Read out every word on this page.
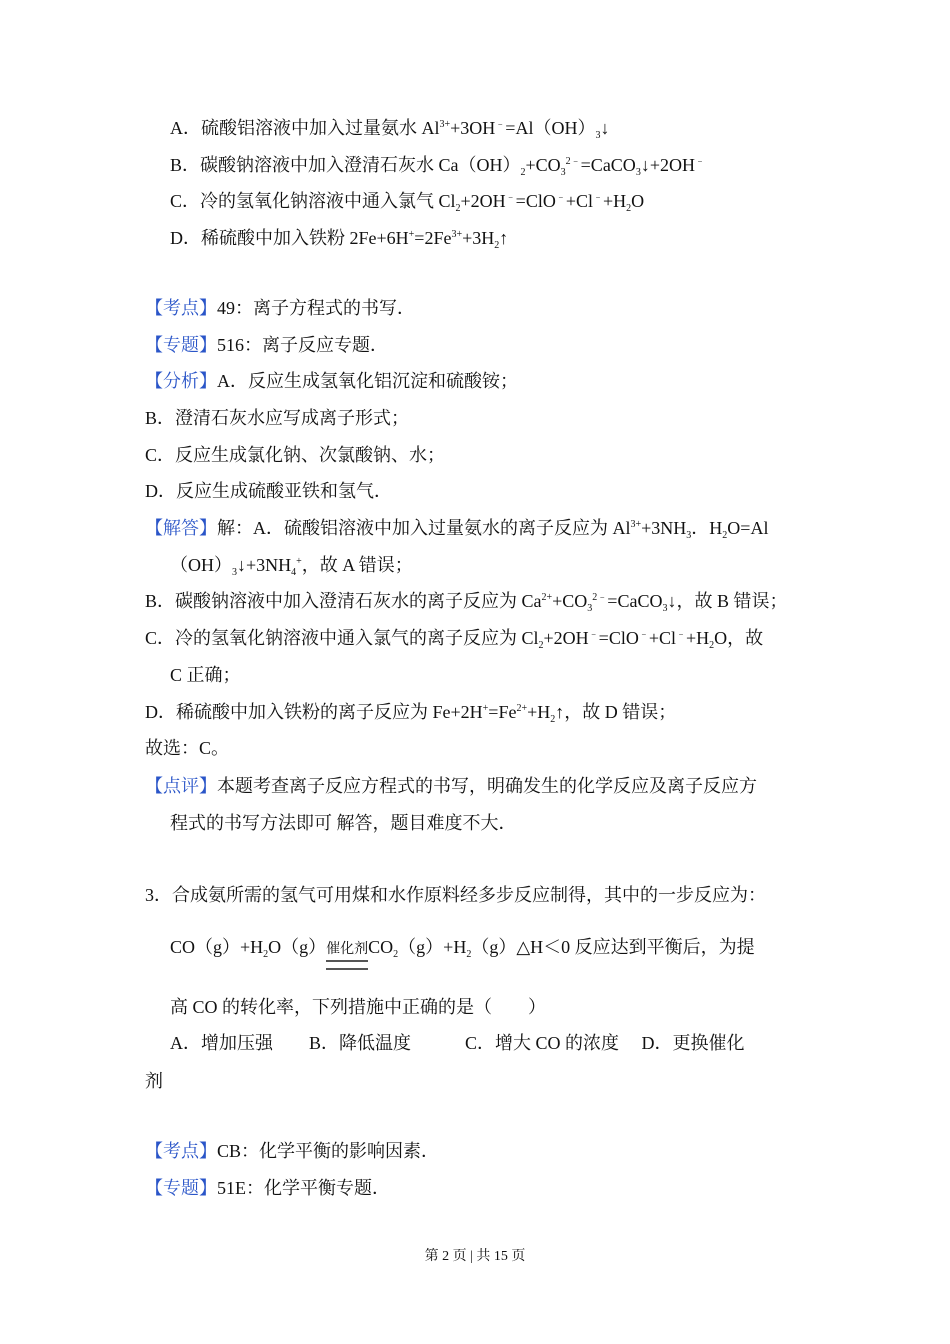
A．硫酸铝溶液中加入过量氨水 $Al^{3+}+3OH^﹣=Al(OH)_3↓$
B．碳酸钠溶液中加入澄清石灰水 $Ca(OH)_2+CO_3^{2﹣}=CaCO_3↓+2OH^﹣$
C．冷的氢氧化钠溶液中通入氯气 $Cl_2+2OH^﹣=ClO^﹣+Cl^﹣+H_2O$
D．稀硫酸中加入铁粉 $2Fe+6H^+=2Fe^{3+}+3H_2↑$
【考点】49：离子方程式的书写．
【专题】516：离子反应专题．
【分析】A．反应生成氢氧化铝沉淀和硫酸铵；
B．澄清石灰水应写成离子形式；
C．反应生成氯化钠、次氯酸钠、水；
D．反应生成硫酸亚铁和氢气．
【解答】解：A．硫酸铝溶液中加入过量氨水的离子反应为 $Al^{3+}+3NH_3$．$H_2O=Al$
$(OH)_3↓+3NH_4^+$，故 A 错误；
B．碳酸钠溶液中加入澄清石灰水的离子反应为 $Ca^{2+}+CO_3^{2﹣}=CaCO_3↓$，故 B 错误；
C．冷的氢氧化钠溶液中通入氯气的离子反应为 $Cl_2+2OH^﹣=ClO^﹣+Cl^﹣+H_2O$，故
C 正确；
D．稀硫酸中加入铁粉的离子反应为 $Fe+2H^+=Fe^{2+}+H_2↑$，故 D 错误；
故选：C。
【点评】本题考查离子反应方程式的书写，明确发生的化学反应及离子反应方
程式的书写方法即可 解答，题目难度不大．
3．合成氨所需的氢气可用煤和水作原料经多步反应制得，其中的一步反应为：
$CO(g)+H_2O(g)$催化剂$CO_2(g)+H_2(g)\triangle H<0$ 反应达到平衡后，为提
高 CO 的转化率，下列措施中正确的是（　　）
A．增加压强　　B．降低温度　　　C．增大 CO 的浓度　 D．更换催化
剂
【考点】CB：化学平衡的影响因素．
【专题】51E：化学平衡专题．
第 2 页 | 共 15 页
